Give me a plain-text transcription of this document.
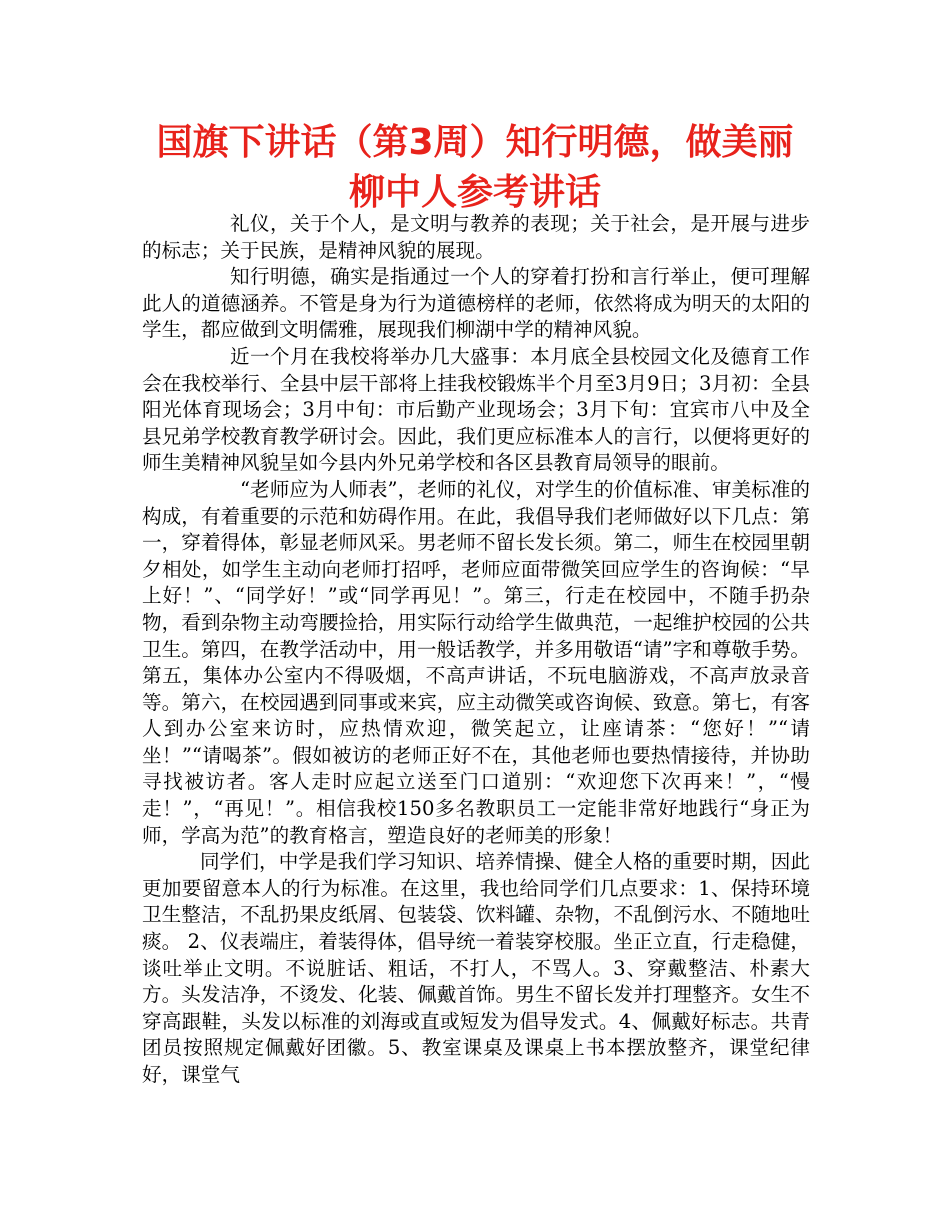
国旗下讲话（第3周）知行明德，做美丽柳中人参考讲话

礼仪，关于个人，是文明与教养的表现；关于社会，是开展与进步的标志；关于民族，是精神风貌的展现。

知行明德，确实是指通过一个人的穿着打扮和言行举止，便可理解此人的道德涵养。不管是身为行为道德榜样的老师，依然将成为明天的太阳的学生，都应做到文明儒雅，展现我们柳湖中学的精神风貌。

近一个月在我校将举办几大盛事：本月底全县校园文化及德育工作会在我校举行、全县中层干部将上挂我校锻炼半个月至3月9日；3月初：全县阳光体育现场会；3月中旬：市后勤产业现场会；3月下旬：宜宾市八中及全县兄弟学校教育教学研讨会。因此，我们更应标准本人的言行，以便将更好的师生美精神风貌呈如今县内外兄弟学校和各区县教育局领导的眼前。

“老师应为人师表”，老师的礼仪，对学生的价值标准、审美标准的构成，有着重要的示范和妨碍作用。在此，我倡导我们老师做好以下几点：第一，穿着得体，彰显老师风采。男老师不留长发长须。第二，师生在校园里朝夕相处，如学生主动向老师打招呼，老师应面带微笑回应学生的咨询候：“早上好！”、“同学好！”或“同学再见！”。第三，行走在校园中，不随手扔杂物，看到杂物主动弯腰捡拾，用实际行动给学生做典范，一起维护校园的公共卫生。第四，在教学活动中，用一般话教学，并多用敬语“请”字和尊敬手势。第五，集体办公室内不得吸烟，不高声讲话，不玩电脑游戏，不高声放录音等。第六，在校园遇到同事或来宾，应主动微笑或咨询候、致意。第七，有客人到办公室来访时，应热情欢迎，微笑起立，让座请茶：“您好！”“请坐！”“请喝茶”。假如被访的老师正好不在，其他老师也要热情接待，并协助寻找被访者。客人走时应起立送至门口道别：“欢迎您下次再来！”，“慢走！”，“再见！”。相信我校150多名教职员工一定能非常好地践行“身正为师，学高为范”的教育格言，塑造良好的老师美的形象！

同学们，中学是我们学习知识、培养情操、健全人格的重要时期，因此更加要留意本人的行为标准。在这里，我也给同学们几点要求：1、保持环境卫生整洁，不乱扔果皮纸屑、包装袋、饮料罐、杂物，不乱倒污水、不随地吐痰。 2、仪表端庄，着装得体，倡导统一着装穿校服。坐正立直，行走稳健，谈吐举止文明。不说脏话、粗话，不打人，不骂人。3、穿戴整洁、朴素大方。头发洁净，不烫发、化装、佩戴首饰。男生不留长发并打理整齐。女生不穿高跟鞋，头发以标准的刘海或直或短发为倡导发式。4、佩戴好标志。共青团员按照规定佩戴好团徽。5、教室课桌及课桌上书本摆放整齐，课堂纪律好，课堂气
